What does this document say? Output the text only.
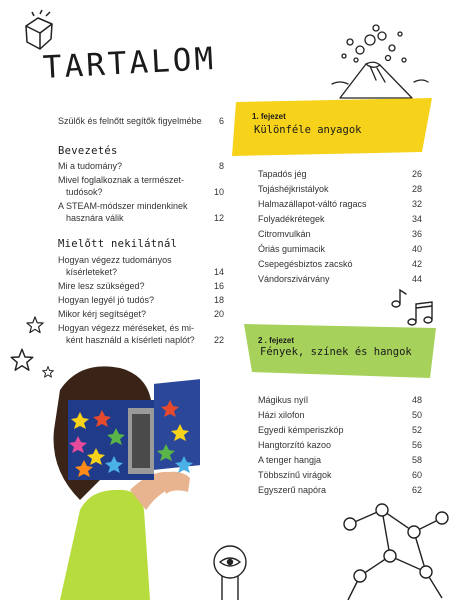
TARTALOM
Szülők és felnőtt segítők figyelmébe	6
Bevezetés
Mi a tudomány?	8
Mivel foglalkoznak a természet-
tudósok?	10
A STEAM-módszer mindenkinek
hasznára válik	12
Mielőtt nekilátnál
Hogyan végezz tudományos
kísérleteket?	14
Mire lesz szükséged?	16
Hogyan legyél jó tudós?	18
Mikor kérj segítséget?	20
Hogyan végezz méréseket, és mi-
ként használd a kísérleti naplót?	22
1. fejezet
Különféle anyagok
Tapadós jég	26
Tojáshéjkristályok	28
Halmazállapot-váltó ragacs	32
Folyadékrétegek	34
Citromvulkán	36
Óriás gumimacik	40
Csepegésbiztos zacskó	42
Vándorszivárvány	44
2 . fejezet
Fények, színek és hangok
Mágikus nyíl	48
Házi xilofon	50
Egyedi kémperiszkóp	52
Hangtorzító kazoo	56
A tenger hangja	58
Többszínű virágok	60
Egyszerű napóra	62
